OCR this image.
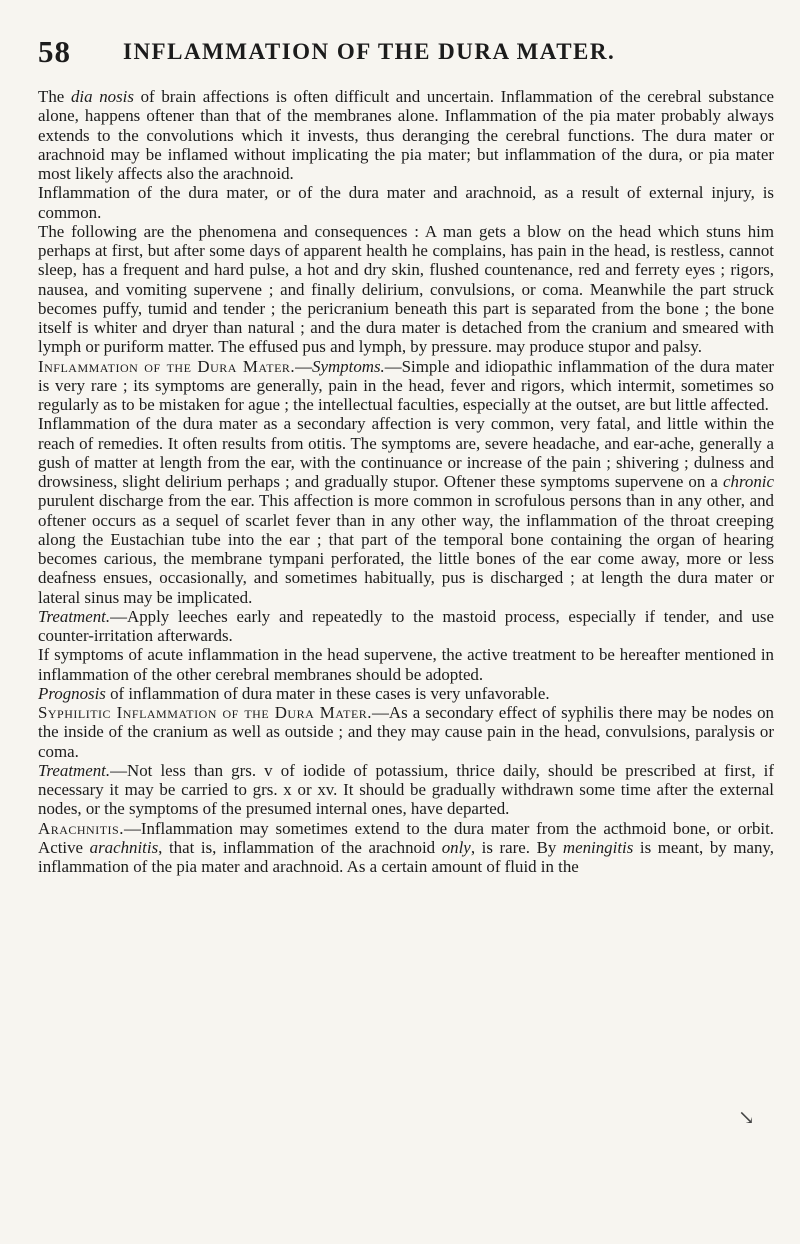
58 INFLAMMATION OF THE DURA MATER.

The dia nosis of brain affections is often difficult and uncertain. Inflammation of the cerebral substance alone, happens oftener than that of the membranes alone. Inflammation of the pia mater probably always extends to the convolutions which it invests, thus deranging the cerebral functions. The dura mater or arachnoid may be inflamed without implicating the pia mater; but inflammation of the dura, or pia mater most likely affects also the arachnoid.

Inflammation of the dura mater, or of the dura mater and arachnoid, as a result of external injury, is common.

The following are the phenomena and consequences : A man gets a blow on the head which stuns him perhaps at first, but after some days of apparent health he complains, has pain in the head, is restless, cannot sleep, has a frequent and hard pulse, a hot and dry skin, flushed countenance, red and ferrety eyes ; rigors, nausea, and vomiting supervene ; and finally delirium, convulsions, or coma. Meanwhile the part struck becomes puffy, tumid and tender ; the pericranium beneath this part is separated from the bone ; the bone itself is whiter and dryer than natural ; and the dura mater is detached from the cranium and smeared with lymph or puriform matter. The effused pus and lymph, by pressure. may produce stupor and palsy.

Inflammation of the Dura Mater.—Symptoms.—Simple and idiopathic inflammation of the dura mater is very rare ; its symptoms are generally, pain in the head, fever and rigors, which intermit, sometimes so regularly as to be mistaken for ague ; the intellectual faculties, especially at the outset, are but little affected.

Inflammation of the dura mater as a secondary affection is very common, very fatal, and little within the reach of remedies. It often results from otitis. The symptoms are, severe headache, and ear-ache, generally a gush of matter at length from the ear, with the continuance or increase of the pain ; shivering ; dulness and drowsiness, slight delirium perhaps ; and gradually stupor. Oftener these symptoms supervene on a chronic purulent discharge from the ear. This affection is more common in scrofulous persons than in any other, and oftener occurs as a sequel of scarlet fever than in any other way, the inflammation of the throat creeping along the Eustachian tube into the ear ; that part of the temporal bone containing the organ of hearing becomes carious, the membrane tympani perforated, the little bones of the ear come away, more or less deafness ensues, occasionally, and sometimes habitually, pus is discharged ; at length the dura mater or lateral sinus may be implicated.

Treatment.—Apply leeches early and repeatedly to the mastoid process, especially if tender, and use counter-irritation afterwards.

If symptoms of acute inflammation in the head supervene, the active treatment to be hereafter mentioned in inflammation of the other cerebral membranes should be adopted.

Prognosis of inflammation of dura mater in these cases is very unfavorable.

Syphilitic Inflammation of the Dura Mater.—As a secondary effect of syphilis there may be nodes on the inside of the cranium as well as outside ; and they may cause pain in the head, convulsions, paralysis or coma.

Treatment.—Not less than grs. v of iodide of potassium, thrice daily, should be prescribed at first, if necessary it may be carried to grs. x or xv. It should be gradually withdrawn some time after the external nodes, or the symptoms of the presumed internal ones, have departed.

Arachnitis.—Inflammation may sometimes extend to the dura mater from the acthmoid bone, or orbit. Active arachnitis, that is, inflammation of the arachnoid only, is rare. By meningitis is meant, by many, inflammation of the pia mater and arachnoid. As a certain amount of fluid in the

↘
